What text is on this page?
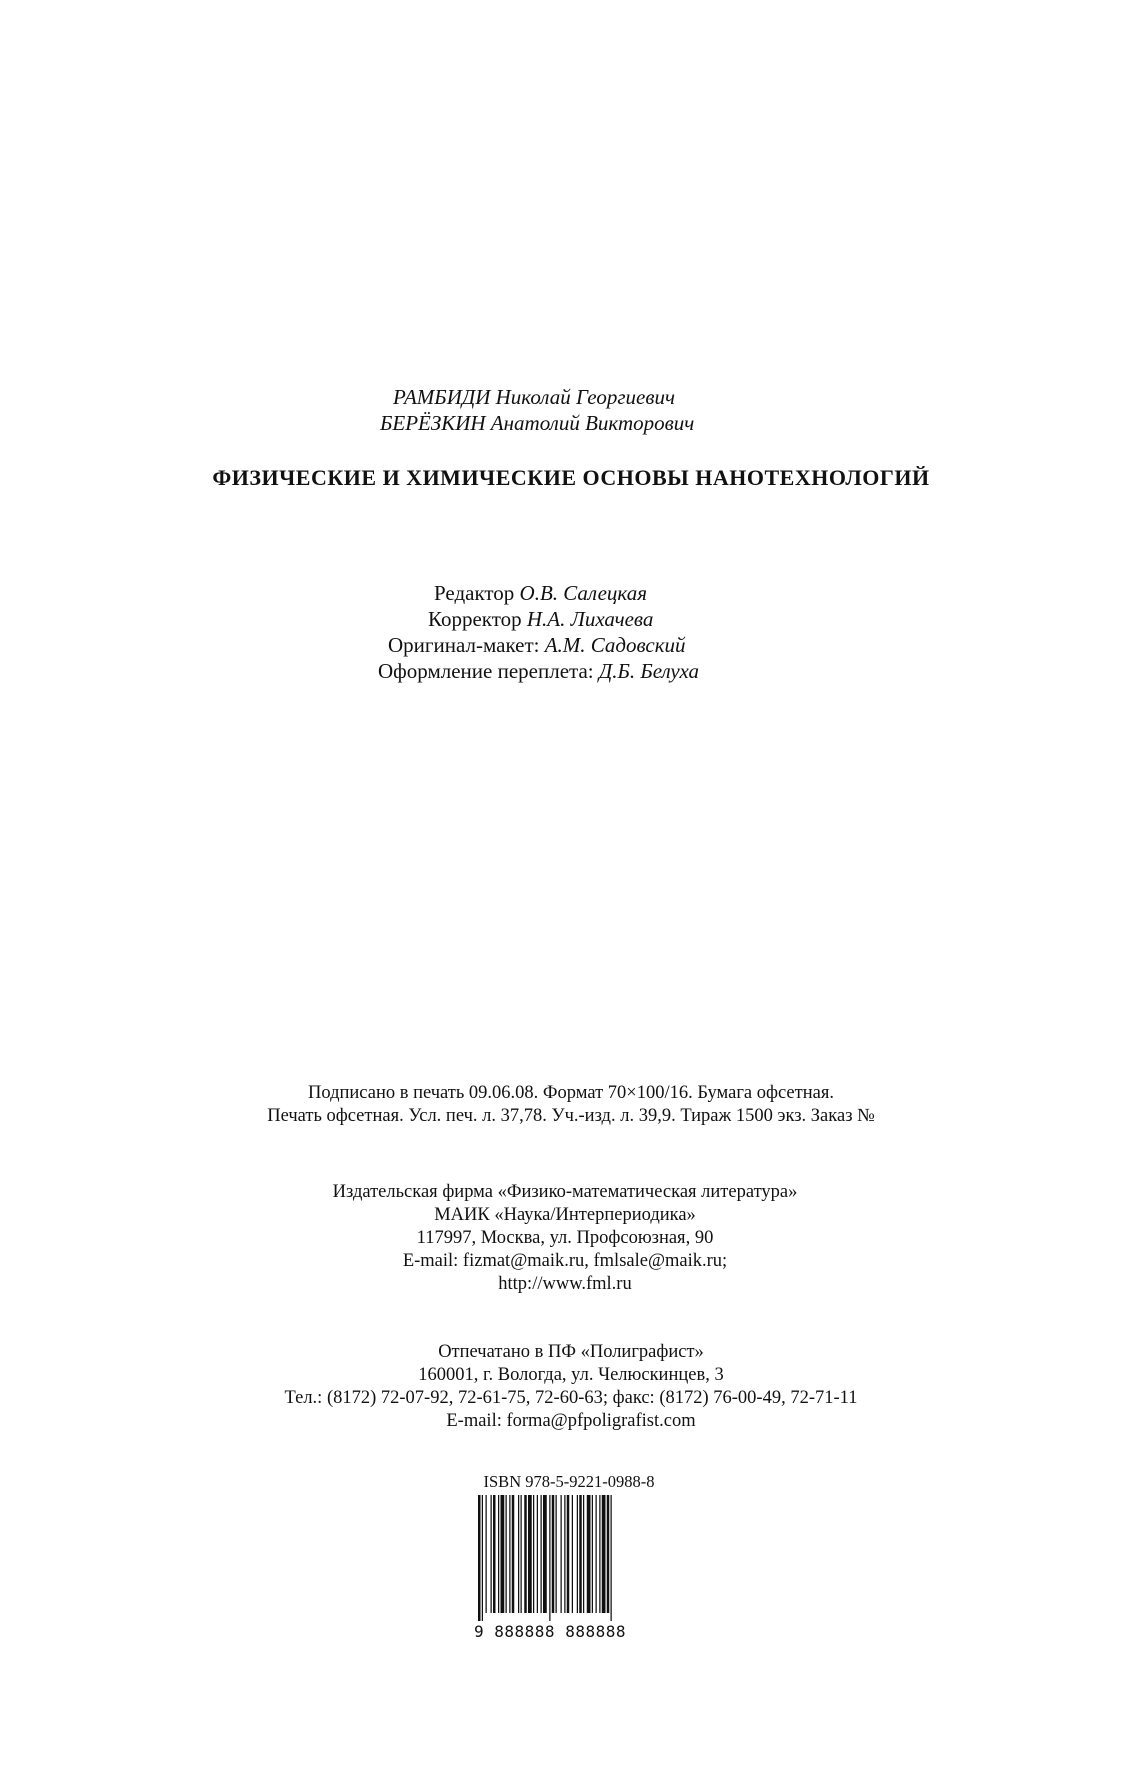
РАМБИДИ Николай Георгиевич
БЕРЁЗКИН Анатолий Викторович
ФИЗИЧЕСКИЕ И ХИМИЧЕСКИЕ ОСНОВЫ НАНОТЕХНОЛОГИЙ
Редактор О.В. Салецкая
Корректор Н.А. Лихачева
Оригинал-макет: А.М. Садовский
Оформление переплета: Д.Б. Белуха
Подписано в печать 09.06.08. Формат 70×100/16. Бумага офсетная.
Печать офсетная. Усл. печ. л. 37,78. Уч.-изд. л. 39,9. Тираж 1500 экз. Заказ №
Издательская фирма «Физико-математическая литература»
МАИК «Наука/Интерпериодика»
117997, Москва, ул. Профсоюзная, 90
E-mail: fizmat@maik.ru, fmlsale@maik.ru;
http://www.fml.ru
Отпечатано в ПФ «Полиграфист»
160001, г. Вологда, ул. Челюскинцев, 3
Тел.: (8172) 72-07-92, 72-61-75, 72-60-63; факс: (8172) 76-00-49, 72-71-11
E-mail: forma@pfpoligrafist.com
ISBN 978-5-9221-0988-8
9 888888 888888
